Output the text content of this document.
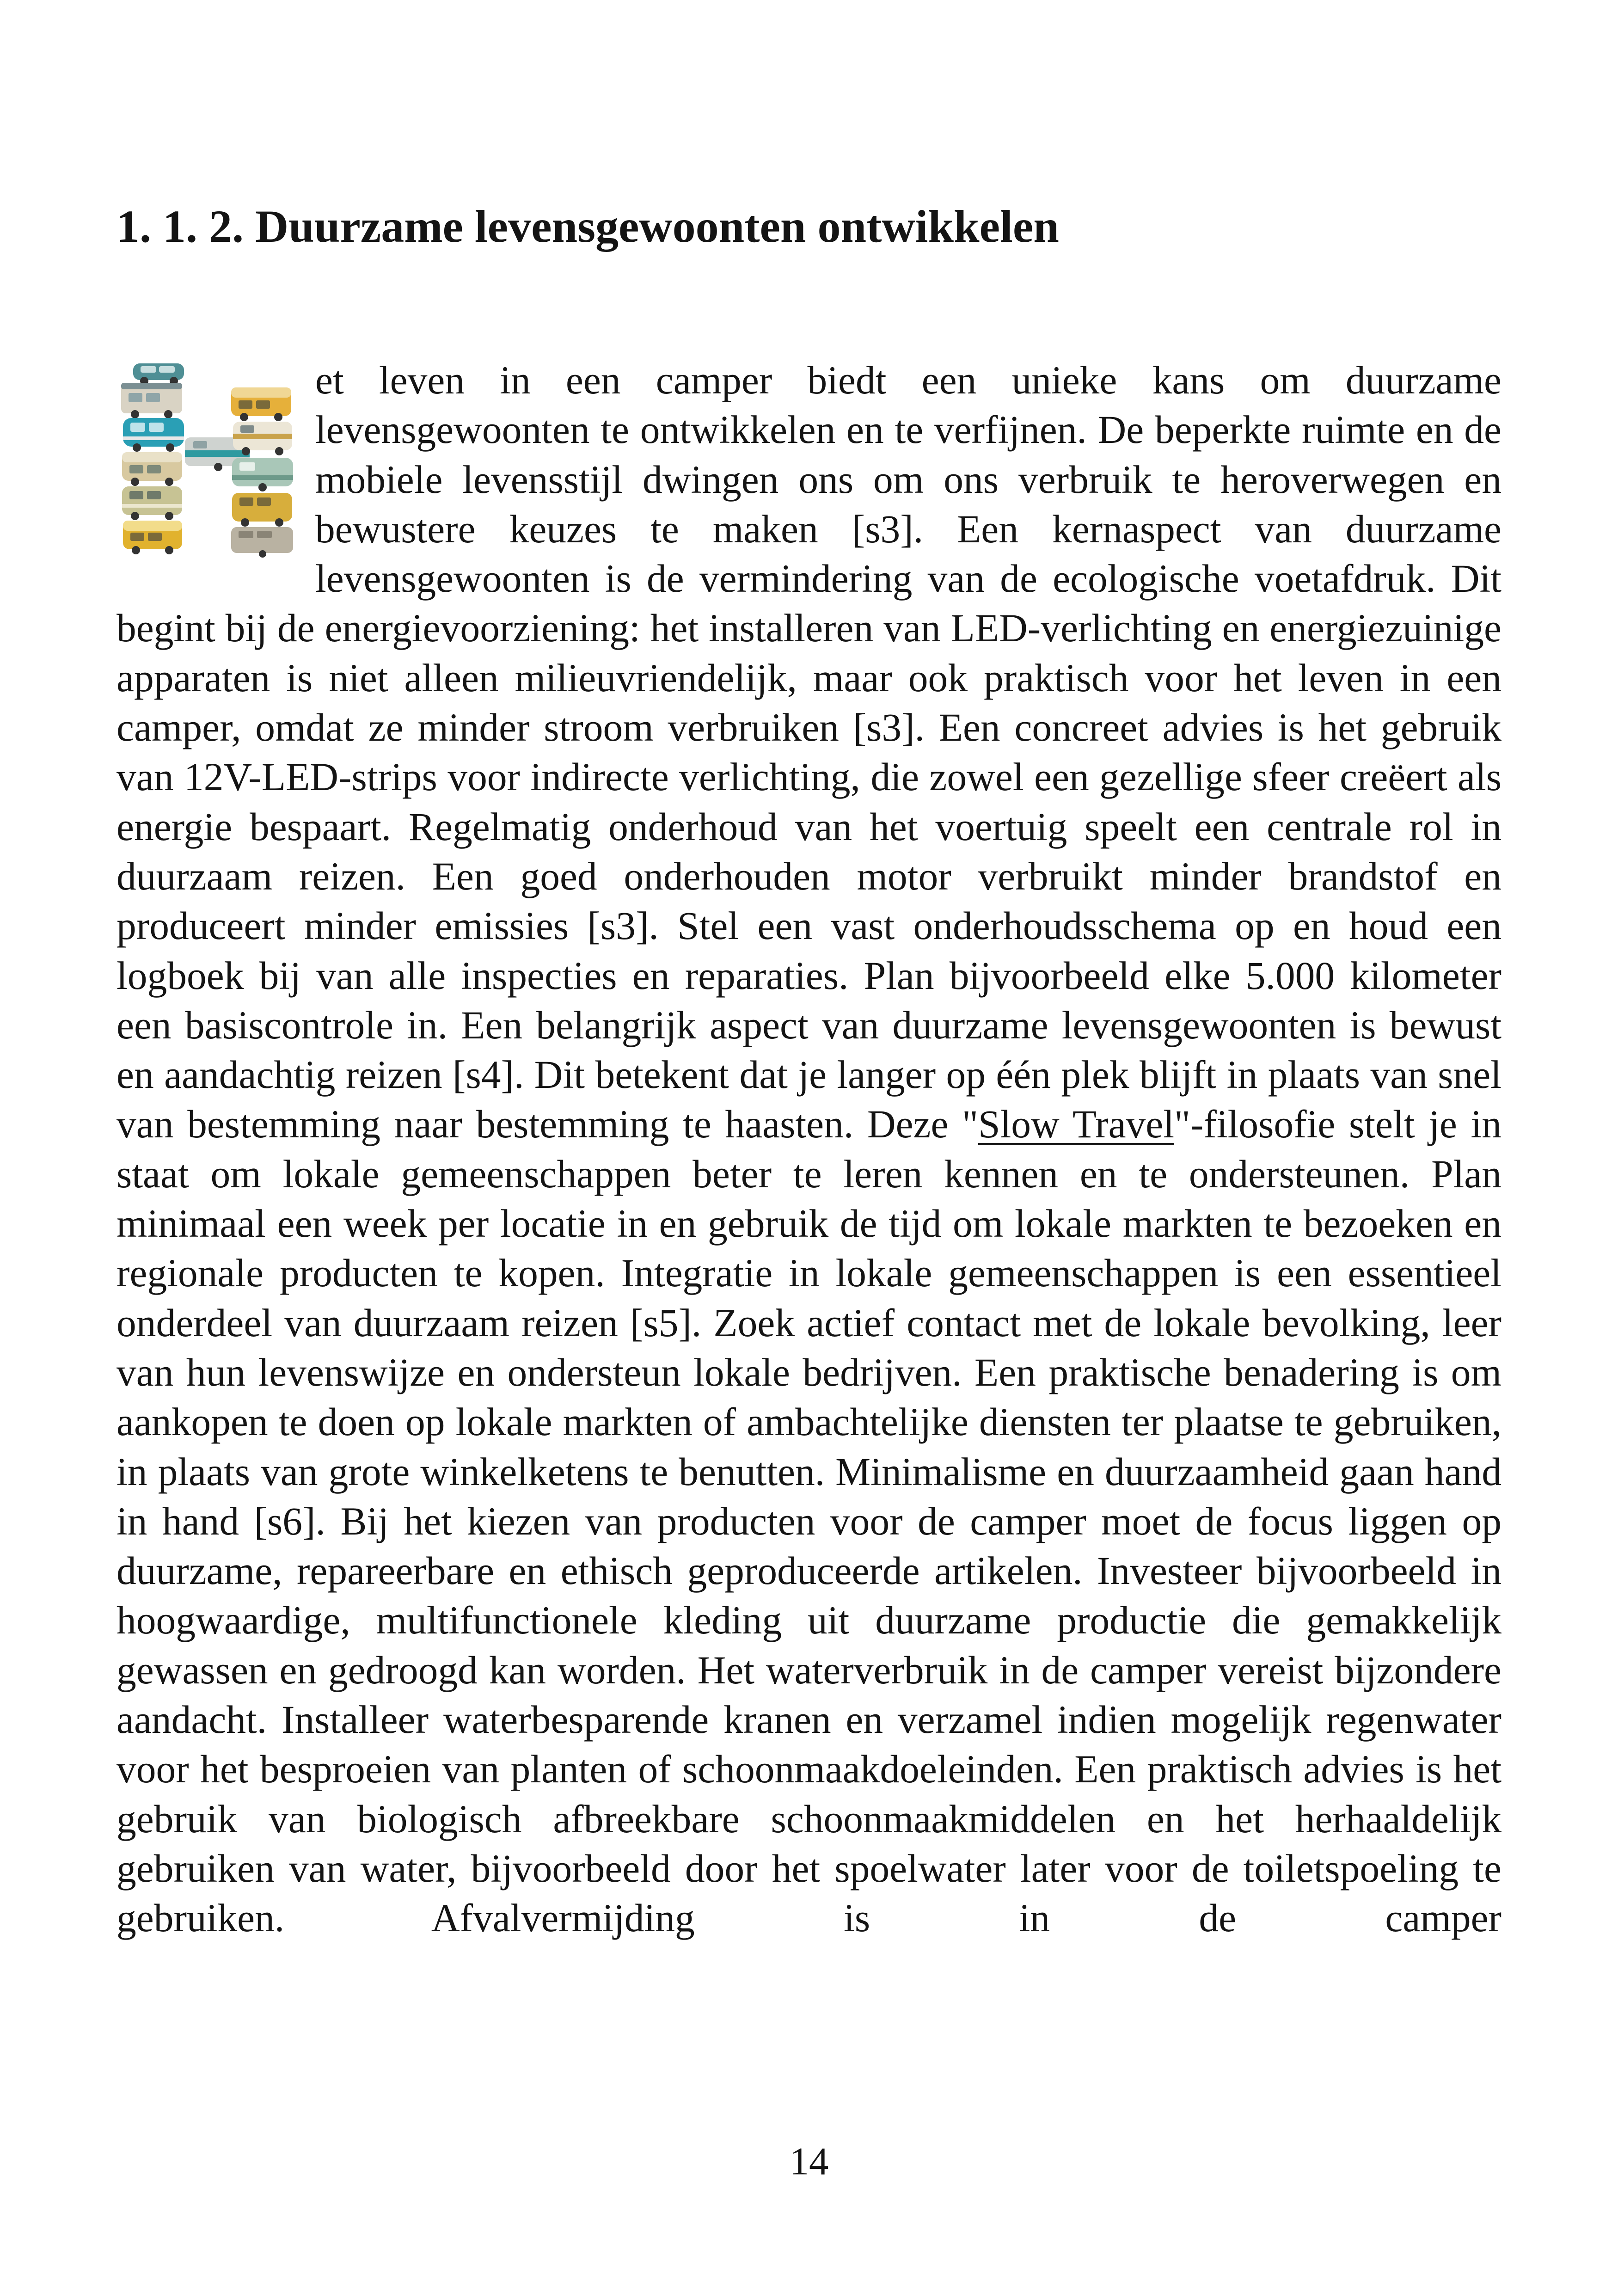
1. 1. 2. Duurzame levensgewoonten ontwikkelen
et leven in een camper biedt een unieke kans om duurzame levensgewoonten te ontwikkelen en te verfijnen. De beperkte ruimte en de mobiele levensstijl dwingen ons om ons verbruik te heroverwegen en bewustere keuzes te maken [s3]. Een kernaspect van duurzame levensgewoonten is de vermindering van de ecologische voetafdruk. Dit begint bij de energievoorziening: het installeren van LED-verlichting en energiezuinige apparaten is niet alleen milieuvriendelijk, maar ook praktisch voor het leven in een camper, omdat ze minder stroom verbruiken [s3]. Een concreet advies is het gebruik van 12V-LED-strips voor indirecte verlichting, die zowel een gezellige sfeer creëert als energie bespaart. Regelmatig onderhoud van het voertuig speelt een centrale rol in duurzaam reizen. Een goed onderhouden motor verbruikt minder brandstof en produceert minder emissies [s3]. Stel een vast onderhoudsschema op en houd een logboek bij van alle inspecties en reparaties. Plan bijvoorbeeld elke 5.000 kilometer een basiscontrole in. Een belangrijk aspect van duurzame levensgewoonten is bewust en aandachtig reizen [s4]. Dit betekent dat je langer op één plek blijft in plaats van snel van bestemming naar bestemming te haasten. Deze "Slow Travel"-filosofie stelt je in staat om lokale gemeenschappen beter te leren kennen en te ondersteunen. Plan minimaal een week per locatie in en gebruik de tijd om lokale markten te bezoeken en regionale producten te kopen. Integratie in lokale gemeenschappen is een essentieel onderdeel van duurzaam reizen [s5]. Zoek actief contact met de lokale bevolking, leer van hun levenswijze en ondersteun lokale bedrijven. Een praktische benadering is om aankopen te doen op lokale markten of ambachtelijke diensten ter plaatse te gebruiken, in plaats van grote winkelketens te benutten. Minimalisme en duurzaamheid gaan hand in hand [s6]. Bij het kiezen van producten voor de camper moet de focus liggen op duurzame, repareerbare en ethisch geproduceerde artikelen. Investeer bijvoorbeeld in hoogwaardige, multifunctionele kleding uit duurzame productie die gemakkelijk gewassen en gedroogd kan worden. Het waterverbruik in de camper vereist bijzondere aandacht. Installeer waterbesparende kranen en verzamel indien mogelijk regenwater voor het besproeien van planten of schoonmaakdoeleinden. Een praktisch advies is het gebruik van biologisch afbreekbare schoonmaakmiddelen en het herhaaldelijk gebruiken van water, bijvoorbeeld door het spoelwater later voor de toiletspoeling te gebruiken. Afvalvermijding is in de camper
14
